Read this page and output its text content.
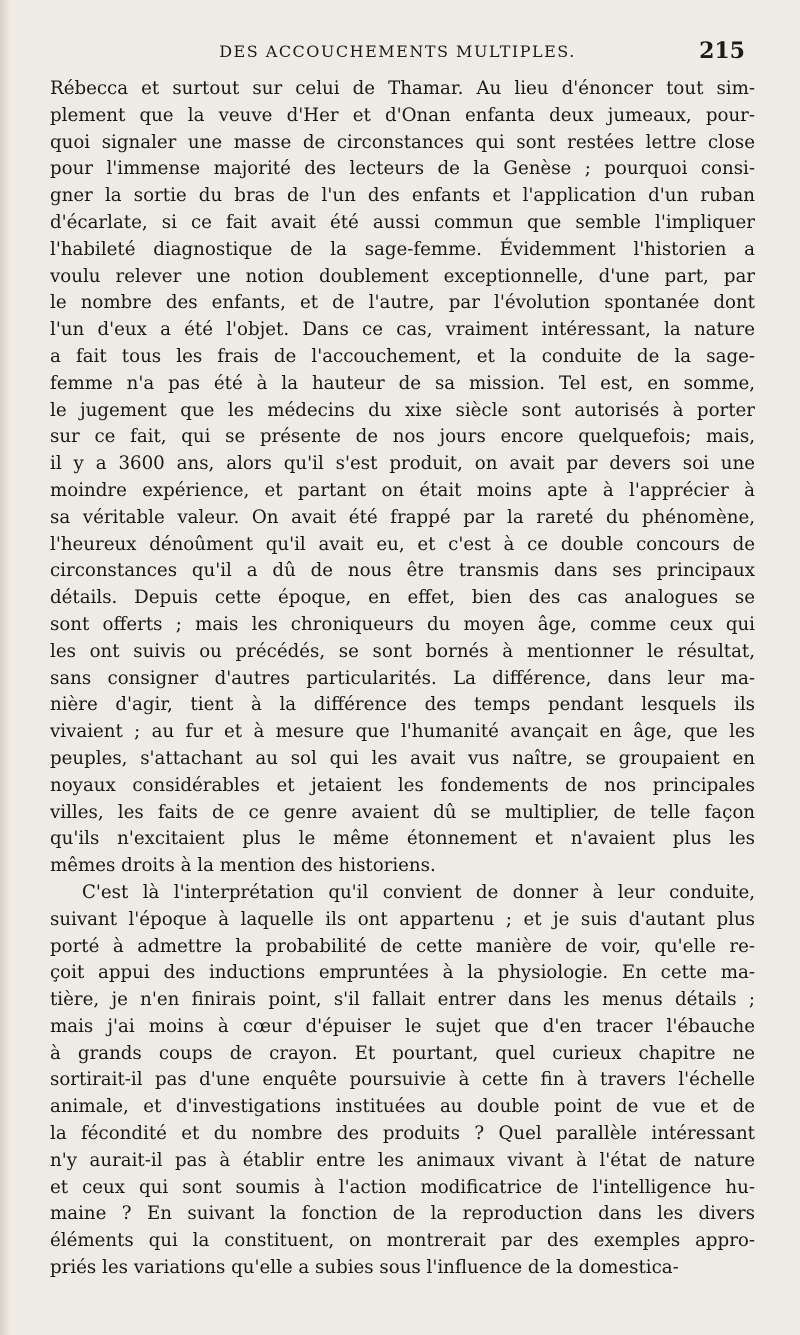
DES ACCOUCHEMENTS MULTIPLES.	215
Rébecca et surtout sur celui de Thamar. Au lieu d'énoncer tout sim-
plement que la veuve d'Her et d'Onan enfanta deux jumeaux, pour-
quoi signaler une masse de circonstances qui sont restées lettre close
pour l'immense majorité des lecteurs de la Genèse ; pourquoi consi-
gner la sortie du bras de l'un des enfants et l'application d'un ruban
d'écarlate, si ce fait avait été aussi commun que semble l'impliquer
l'habileté diagnostique de la sage-femme. Évidemment l'historien a
voulu relever une notion doublement exceptionnelle, d'une part, par
le nombre des enfants, et de l'autre, par l'évolution spontanée dont
l'un d'eux a été l'objet. Dans ce cas, vraiment intéressant, la nature
a fait tous les frais de l'accouchement, et la conduite de la sage-
femme n'a pas été à la hauteur de sa mission. Tel est, en somme,
le jugement que les médecins du xixe siècle sont autorisés à porter
sur ce fait, qui se présente de nos jours encore quelquefois; mais,
il y a 3600 ans, alors qu'il s'est produit, on avait par devers soi une
moindre expérience, et partant on était moins apte à l'apprécier à
sa véritable valeur. On avait été frappé par la rareté du phénomène,
l'heureux dénoûment qu'il avait eu, et c'est à ce double concours de
circonstances qu'il a dû de nous être transmis dans ses principaux
détails. Depuis cette époque, en effet, bien des cas analogues se
sont offerts ; mais les chroniqueurs du moyen âge, comme ceux qui
les ont suivis ou précédés, se sont bornés à mentionner le résultat,
sans consigner d'autres particularités. La différence, dans leur ma-
nière d'agir, tient à la différence des temps pendant lesquels ils
vivaient ; au fur et à mesure que l'humanité avançait en âge, que les
peuples, s'attachant au sol qui les avait vus naître, se groupaient en
noyaux considérables et jetaient les fondements de nos principales
villes, les faits de ce genre avaient dû se multiplier, de telle façon
qu'ils n'excitaient plus le même étonnement et n'avaient plus les
mêmes droits à la mention des historiens.
C'est là l'interprétation qu'il convient de donner à leur conduite,
suivant l'époque à laquelle ils ont appartenu ; et je suis d'autant plus
porté à admettre la probabilité de cette manière de voir, qu'elle re-
çoit appui des inductions empruntées à la physiologie. En cette ma-
tière, je n'en finirais point, s'il fallait entrer dans les menus détails ;
mais j'ai moins à cœur d'épuiser le sujet que d'en tracer l'ébauche
à grands coups de crayon. Et pourtant, quel curieux chapitre ne
sortirait-il pas d'une enquête poursuivie à cette fin à travers l'échelle
animale, et d'investigations instituées au double point de vue et de
la fécondité et du nombre des produits ? Quel parallèle intéressant
n'y aurait-il pas à établir entre les animaux vivant à l'état de nature
et ceux qui sont soumis à l'action modificatrice de l'intelligence hu-
maine ? En suivant la fonction de la reproduction dans les divers
éléments qui la constituent, on montrerait par des exemples appro-
priés les variations qu'elle a subies sous l'influence de la domestica-
